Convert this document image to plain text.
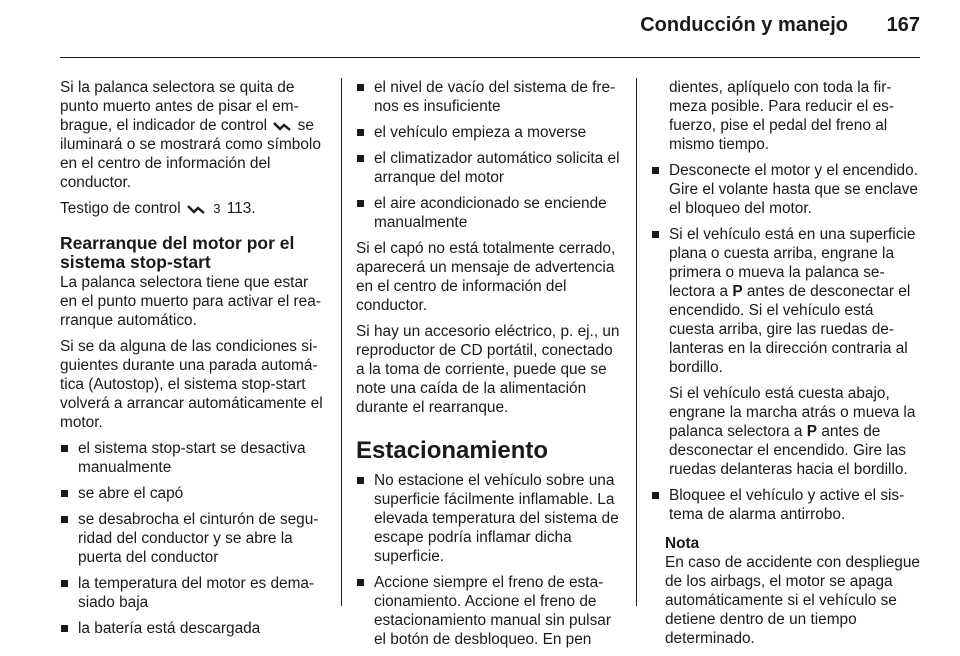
Conducción y manejo 167

Si la palanca selectora se quita de punto muerto antes de pisar el embrague, el indicador de control se iluminará o se mostrará como símbolo en el centro de información del conductor.

Testigo de control	3 113.

Rearranque del motor por el sistema stop-start

La palanca selectora tiene que estar en el punto muerto para activar el rearranque automático.

Si se da alguna de las condiciones siguientes durante una parada automática (Autostop), el sistema stop-start volverá a arrancar automáticamente el motor.

el sistema stop-start se desactiva manualmente
se abre el capó
se desabrocha el cinturón de seguridad del conductor y se abre la puerta del conductor
la temperatura del motor es demasiado baja
la batería está descargada
el nivel de vacío del sistema de frenos es insuficiente
el vehículo empieza a moverse
el climatizador automático solicita el arranque del motor
el aire acondicionado se enciende manualmente

Si el capó no está totalmente cerrado, aparecerá un mensaje de advertencia en el centro de información del conductor.

Si hay un accesorio eléctrico, p. ej., un reproductor de CD portátil, conectado a la toma de corriente, puede que se note una caída de la alimentación durante el rearranque.

Estacionamiento
No estacione el vehículo sobre una superficie fácilmente inflamable. La elevada temperatura del sistema de escape podría inflamar dicha superficie.
Accione siempre el freno de estacionamiento. Accione el freno de estacionamiento manual sin pulsar el botón de desbloqueo. En pen

dientes, aplíquelo con toda la firmeza posible. Para reducir el esfuerzo, pise el pedal del freno al mismo tiempo.

Desconecte el motor y el encendido. Gire el volante hasta que se enclave el bloqueo del motor.
Si el vehículo está en una superficie plana o cuesta arriba, engrane la primera o mueva la palanca selectora a P antes de desconectar el encendido. Si el vehículo está cuesta arriba, gire las ruedas delanteras en la dirección contraria al bordillo.

Si el vehículo está cuesta abajo, engrane la marcha atrás o mueva la palanca selectora a P antes de desconectar el encendido. Gire las ruedas delanteras hacia el bordillo.

Bloquee el vehículo y active el sistema de alarma antirrobo.
Nota
En caso de accidente con despliegue de los airbags, el motor se apaga automáticamente si el vehículo se detiene dentro de un tiempo determinado.
